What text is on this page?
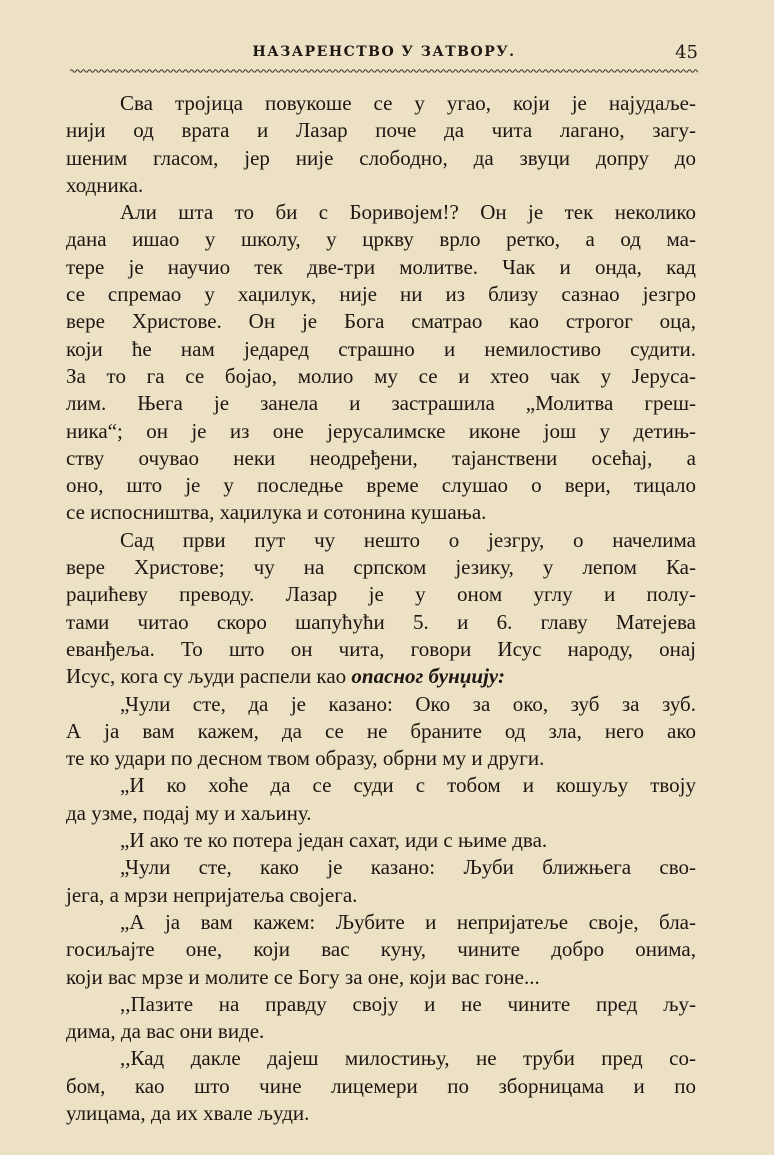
НАЗАРЕНСТВО У ЗАТВОРУ.	45
Сва тројица повукоше се у угао, који је најудаље-
нији од врата и Лазар поче да чита лагано, загу-
шеним гласом, јер није слободно, да звуци допру до
ходника.
Али шта то би с Боривојем!? Он је тек неколико
дана ишао у школу, у цркву врло ретко, а од ма-
тере је научио тек две-три молитве. Чак и онда, кад
се спремао у хаџилук, није ни из близу сазнао језгро
вере Христове. Он је Бога сматрао као строгог оца,
који ће нам једаред страшно и немилостиво судити.
За то га се бојао, молио му се и хтео чак у Јеруса-
лим. Њега је занела и застрашила „Молитва греш-
ника“; он је из оне јерусалимске иконе још у детињ-
ству очувао неки неодређени, тајанствени осећај, а
оно, што је у последње време слушао о вери, тицало
се испосништва, хаџилука и сотонина кушања.
Сад први пут чу нешто о језгру, о начелима
вере Христове; чу на српском језику, у лепом Ка-
раџићеву преводу. Лазар је у оном углу и полу-
тами читао скоро шапућући 5. и 6. главу Матејева
еванђеља. То што он чита, говори Исус народу, онај
Исус, кога су људи распели као опасног бунџију:
„Чули сте, да је казано: Око за око, зуб за зуб.
А ја вам кажем, да се не браните од зла, него ако
те ко удари по десном твом образу, обрни му и други.
„И ко хоће да се суди с тобом и кошуљу твоју
да узме, подај му и хаљину.
„И ако те ко потера један сахат, иди с њиме два.
„Чули сте, како је казано: Љуби ближњега сво-
јега, а мрзи непријатеља својега.
„А ја вам кажем: Љубите и непријатеље своје, бла-
госиљајте оне, који вас куну, чините добро онима,
који вас мрзе и молите се Богу за оне, који вас гоне...
,,Пазите на правду своју и не чините пред љу-
дима, да вас они виде.
,,Кад дакле дајеш милостињу, не труби пред со-
бом, као што чине лицемери по зборницама и по
улицама, да их хвале људи.
